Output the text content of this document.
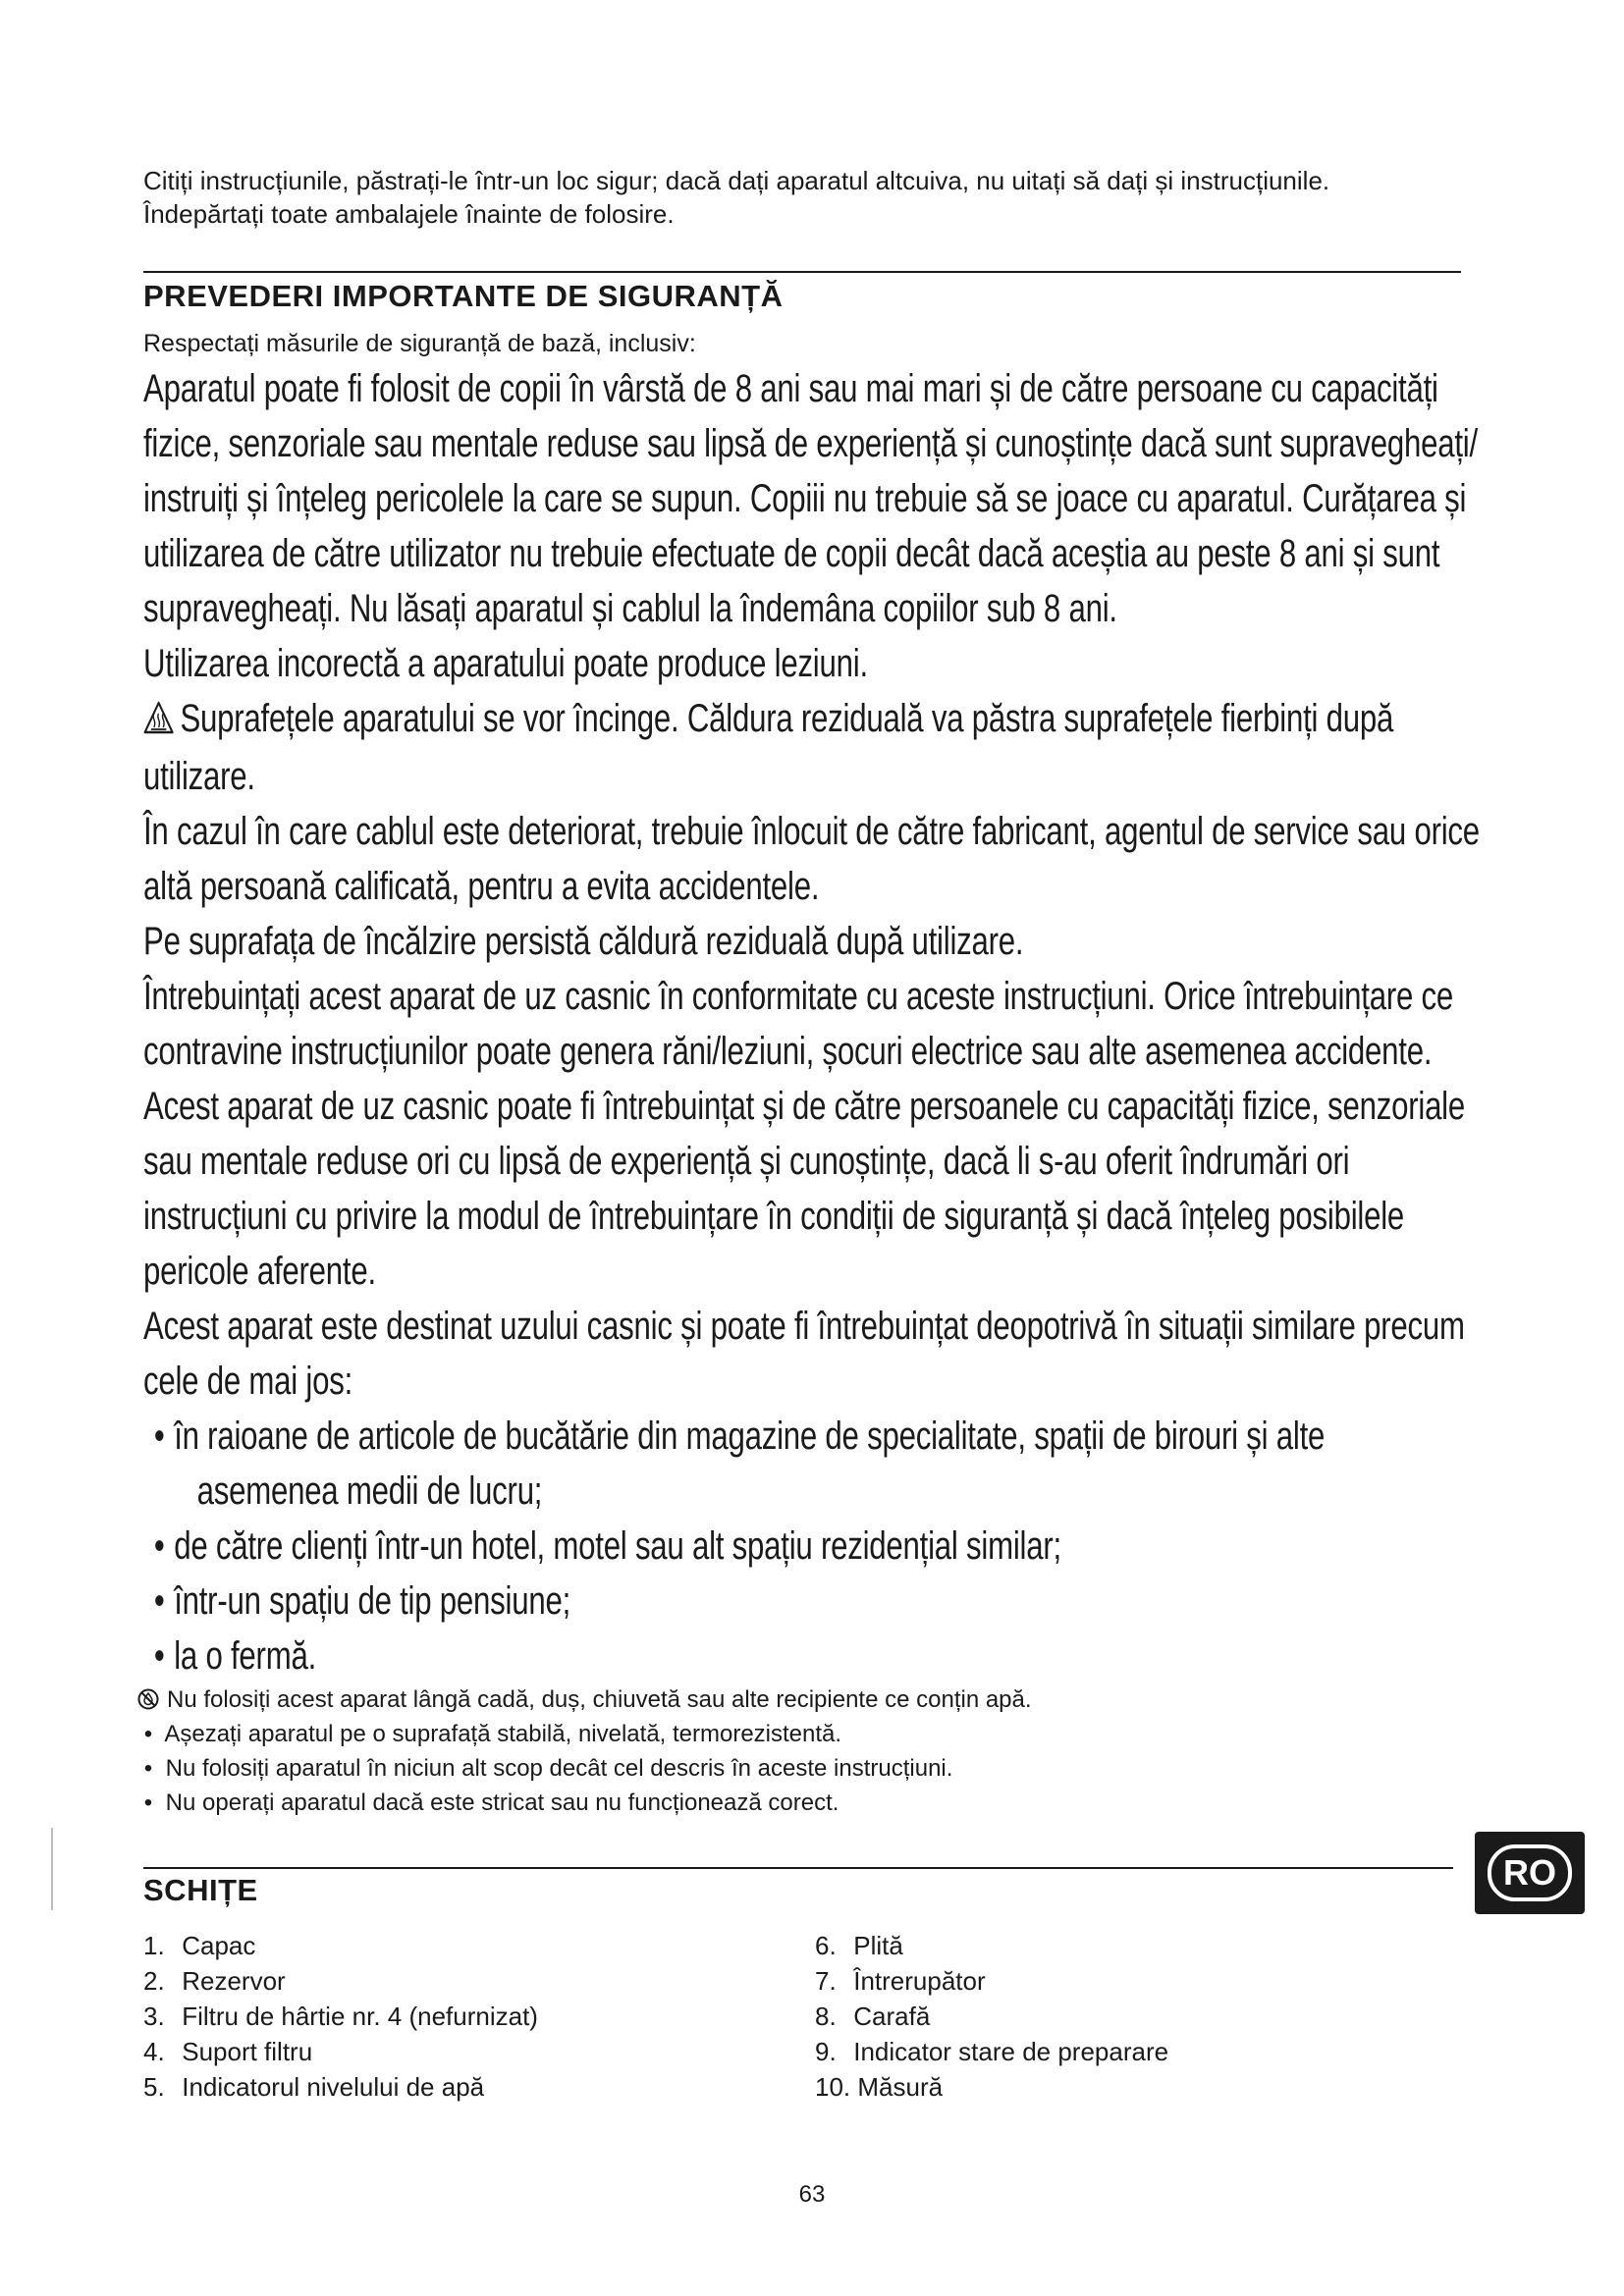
Citiți instrucțiunile, păstrați-le într-un loc sigur; dacă dați aparatul altcuiva, nu uitați să dați și instrucțiunile.

Îndepărtați toate ambalajele înainte de folosire.

PREVEDERI IMPORTANTE DE SIGURANȚĂ

Respectați măsurile de siguranță de bază, inclusiv:

Aparatul poate fi folosit de copii în vârstă de 8 ani sau mai mari și de către persoane cu capacități fizice, senzoriale sau mentale reduse sau lipsă de experiență și cunoștințe dacă sunt supravegheați/ instruiți și înțeleg pericolele la care se supun. Copiii nu trebuie să se joace cu aparatul. Curățarea și utilizarea de către utilizator nu trebuie efectuate de copii decât dacă aceștia au peste 8 ani și sunt supravegheați. Nu lăsați aparatul și cablul la îndemâna copiilor sub 8 ani.

Utilizarea incorectă a aparatului poate produce leziuni.

Suprafețele aparatului se vor încinge. Căldura reziduală va păstra suprafețele fierbinți după utilizare.

În cazul în care cablul este deteriorat, trebuie înlocuit de către fabricant, agentul de service sau orice altă persoană calificată, pentru a evita accidentele.

Pe suprafața de încălzire persistă căldură reziduală după utilizare.

Întrebuințați acest aparat de uz casnic în conformitate cu aceste instrucțiuni. Orice întrebuințare ce contravine instrucțiunilor poate genera răni/leziuni, șocuri electrice sau alte asemenea accidente.

Acest aparat de uz casnic poate fi întrebuințat și de către persoanele cu capacități fizice, senzoriale sau mentale reduse ori cu lipsă de experiență și cunoștințe, dacă li s-au oferit îndrumări ori instrucțiuni cu privire la modul de întrebuințare în condiții de siguranță și dacă înțeleg posibilele pericole aferente.

Acest aparat este destinat uzului casnic și poate fi întrebuințat deopotrivă în situații similare precum cele de mai jos:

• în raioane de articole de bucătărie din magazine de specialitate, spații de birouri și alte

asemenea medii de lucru;

• de către clienți într-un hotel, motel sau alt spațiu rezidențial similar;

• într-un spațiu de tip pensiune;

• la o fermă.

Nu folosiți acest aparat lângă cadă, duș, chiuvetă sau alte recipiente ce conțin apă.

• Așezați aparatul pe o suprafață stabilă, nivelată, termorezistentă.

• Nu folosiți aparatul în niciun alt scop decât cel descris în aceste instrucțiuni.

• Nu operați aparatul dacă este stricat sau nu funcționează corect.

SCHIȚE	RO

1. Capac

2. Rezervor

3. Filtru de hârtie nr. 4 (nefurnizat)

4. Suport filtru

5. Indicatorul nivelului de apă

6. Plită

7. Întrerupător

8. Carafă

9. Indicator stare de preparare

10. Măsură

63
